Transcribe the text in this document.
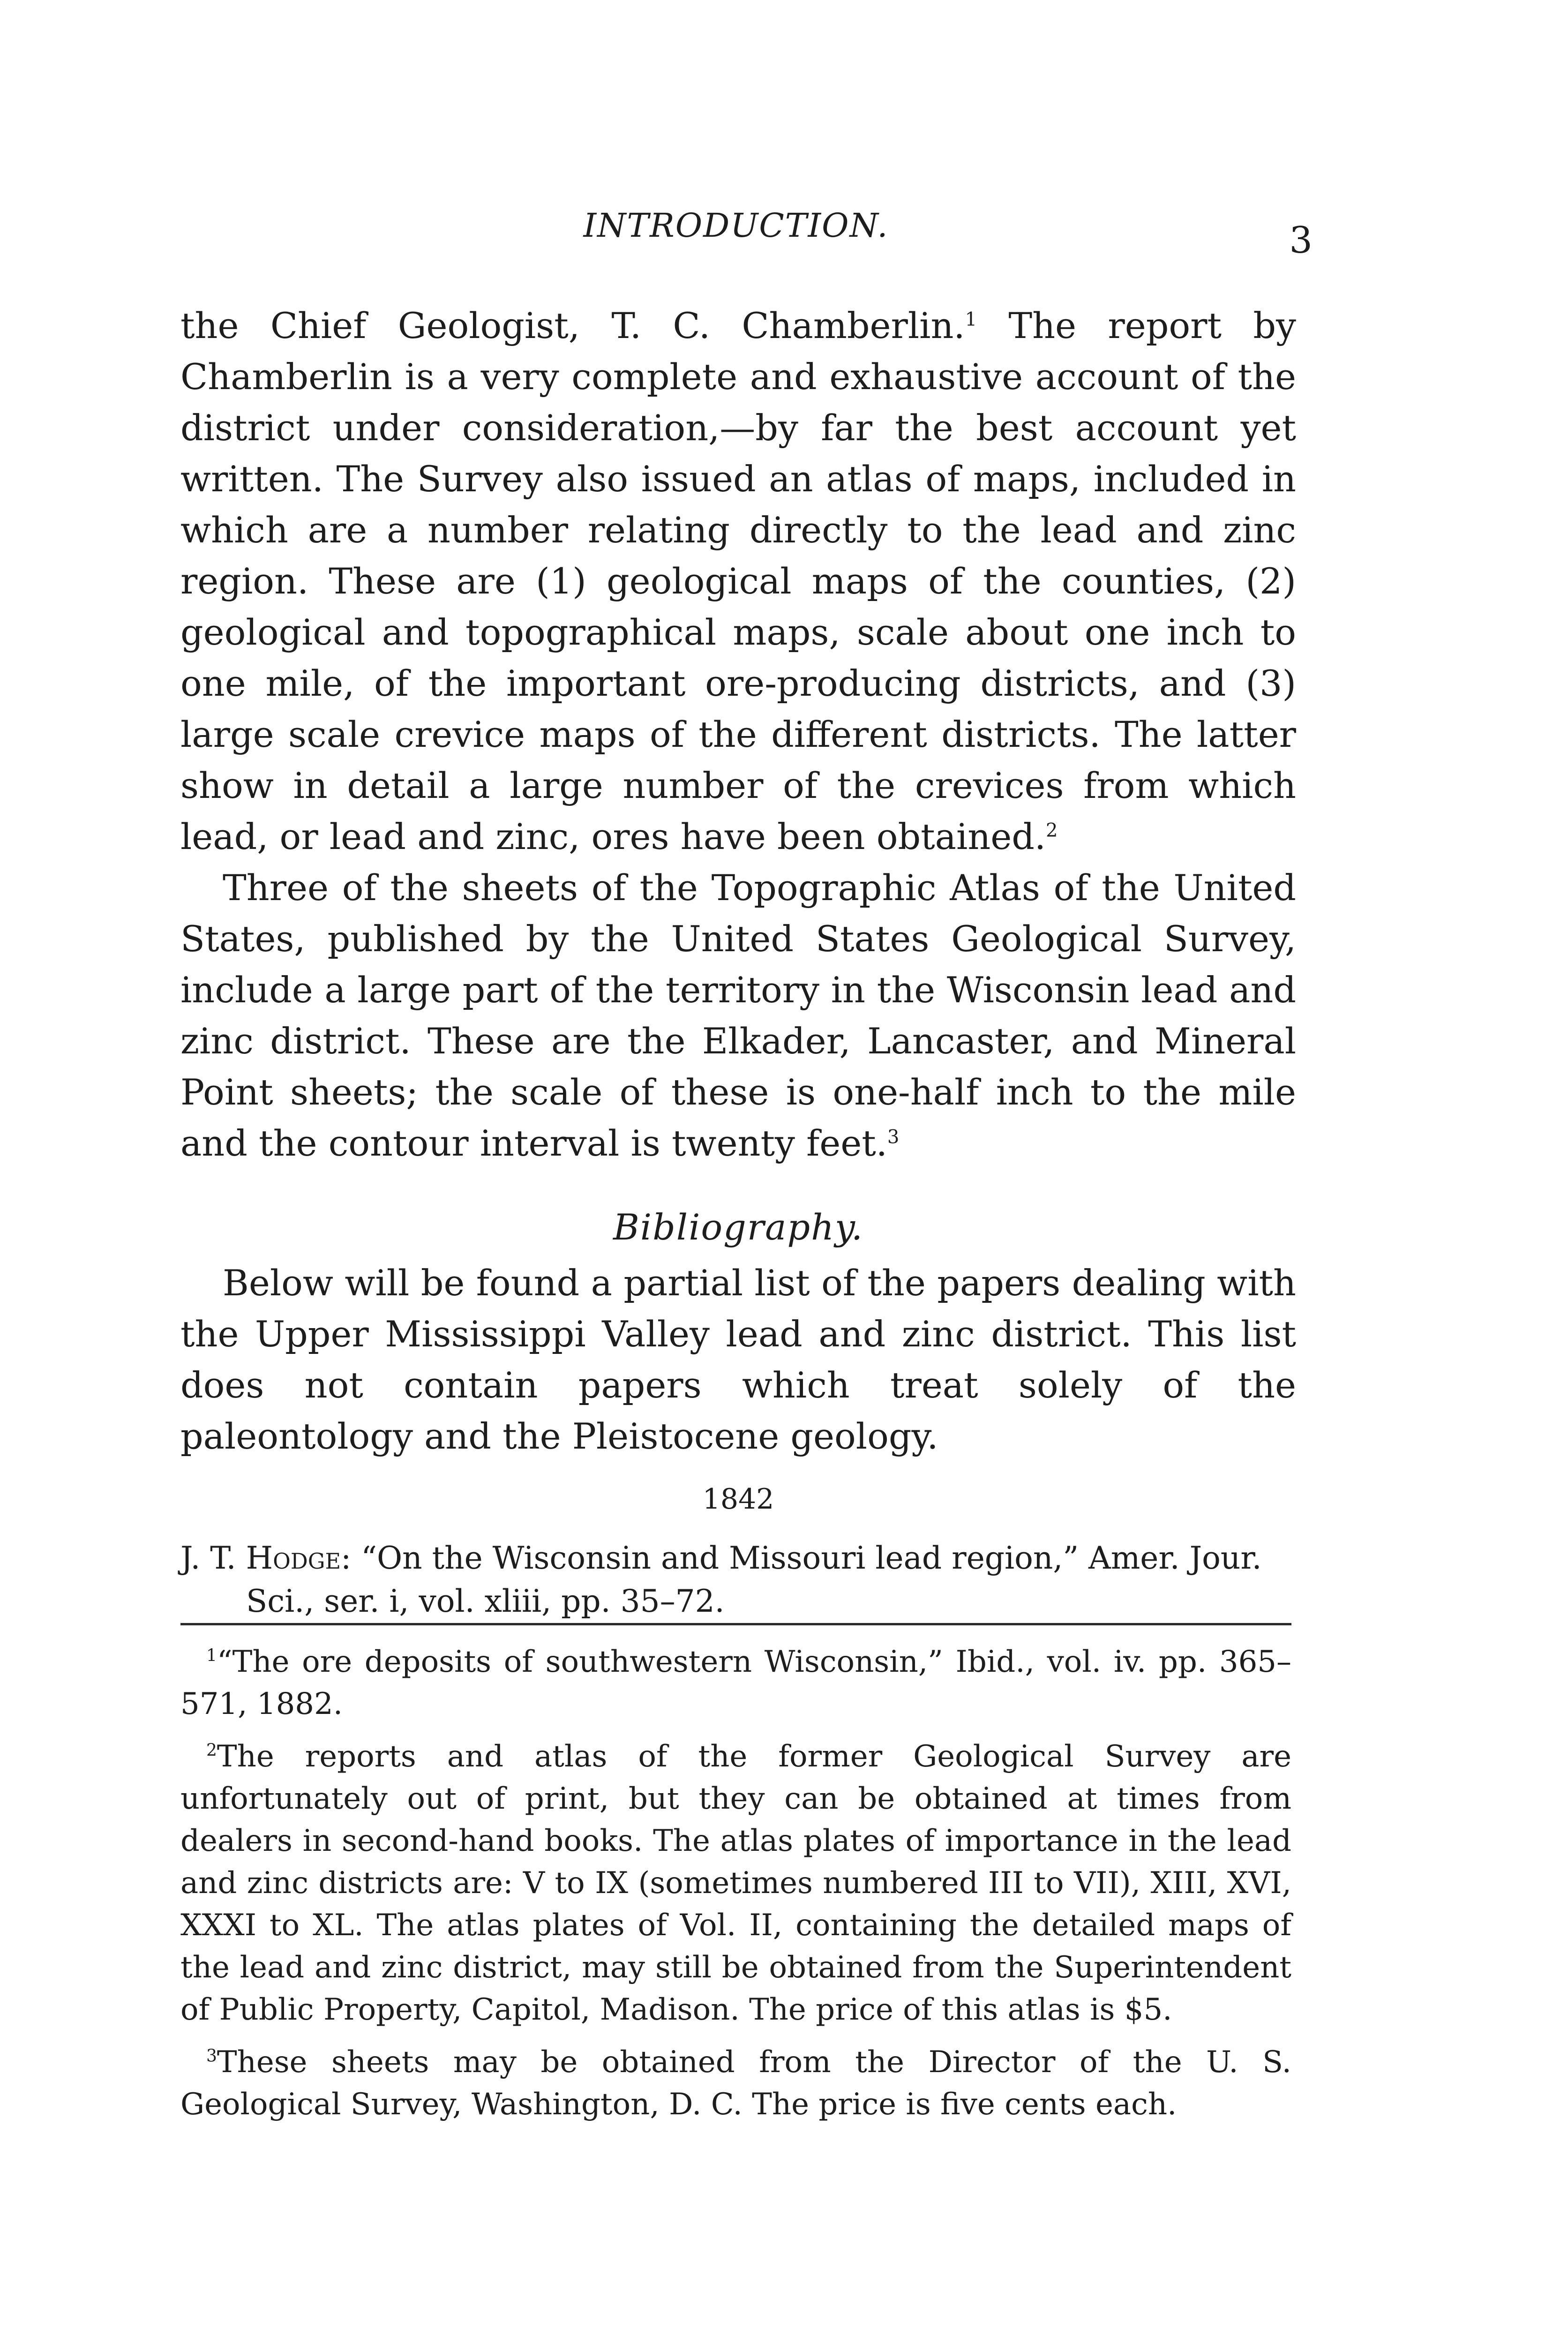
INTRODUCTION.	3

the Chief Geologist, T. C. Chamberlin.$^1$ The report by Chamberlin is a very complete and exhaustive account of the district under consideration,—by far the best account yet written. The Survey also issued an atlas of maps, included in which are a number relating directly to the lead and zinc region. These are (1) geological maps of the counties, (2) geological and topographical maps, scale about one inch to one mile, of the important ore-producing districts, and (3) large scale crevice maps of the different districts. The latter show in detail a large number of the crevices from which lead, or lead and zinc, ores have been obtained.$^2$

Three of the sheets of the Topographic Atlas of the United States, published by the United States Geological Survey, include a large part of the territory in the Wisconsin lead and zinc district. These are the Elkader, Lancaster, and Mineral Point sheets; the scale of these is one-half inch to the mile and the contour interval is twenty feet.$^3$

Bibliography.

Below will be found a partial list of the papers dealing with the Upper Mississippi Valley lead and zinc district. This list does not contain papers which treat solely of the paleontology and the Pleistocene geology.

1842

J. T. Hodge: “On the Wisconsin and Missouri lead region,” Amer. Jour. Sci., ser. i, vol. xliii, pp. 35–72.

$^1$“The ore deposits of southwestern Wisconsin,” Ibid., vol. iv. pp. 365–571, 1882.

$^2$The reports and atlas of the former Geological Survey are unfortunately out of print, but they can be obtained at times from dealers in second-hand books. The atlas plates of importance in the lead and zinc districts are: V to IX (sometimes numbered III to VII), XIII, XVI, XXXI to XL. The atlas plates of Vol. II, containing the detailed maps of the lead and zinc district, may still be obtained from the Superintendent of Public Property, Capitol, Madison. The price of this atlas is $5.

$^3$These sheets may be obtained from the Director of the U. S. Geological Survey, Washington, D. C. The price is five cents each.
